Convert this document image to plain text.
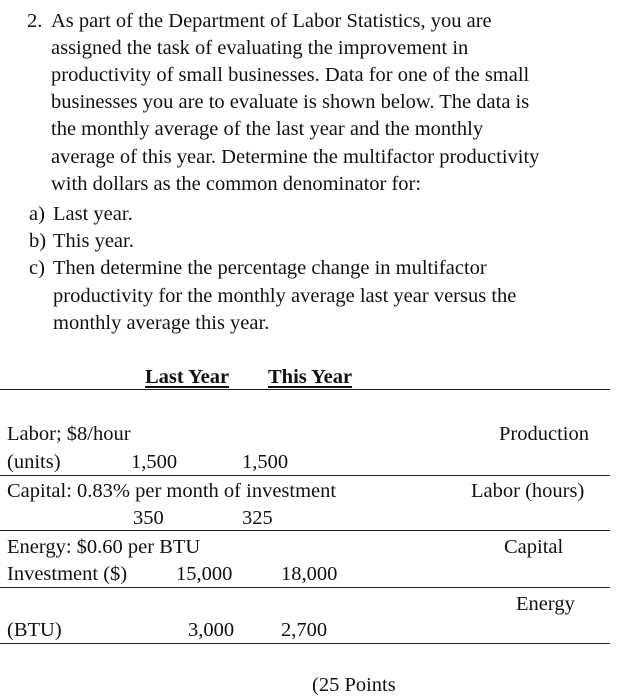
2. As part of the Department of Labor Statistics, you are
assigned the task of evaluating the improvement in
productivity of small businesses. Data for one of the small
businesses you are to evaluate is shown below. The data is
the monthly average of the last year and the monthly
average of this year. Determine the multifactor productivity
with dollars as the common denominator for:
a) Last year.
b) This year.
c) Then determine the percentage change in multifactor
productivity for the monthly average last year versus the
monthly average this year.
Last Year This Year
Labor; $8/hour	Production
(units)	1,500	1,500
Capital: 0.83% per month of investment	Labor (hours)
350	325
Energy: $0.60 per BTU	Capital
Investment ($) 15,000 18,000
Energy
(BTU)	3,000 2,700
(25 Points
